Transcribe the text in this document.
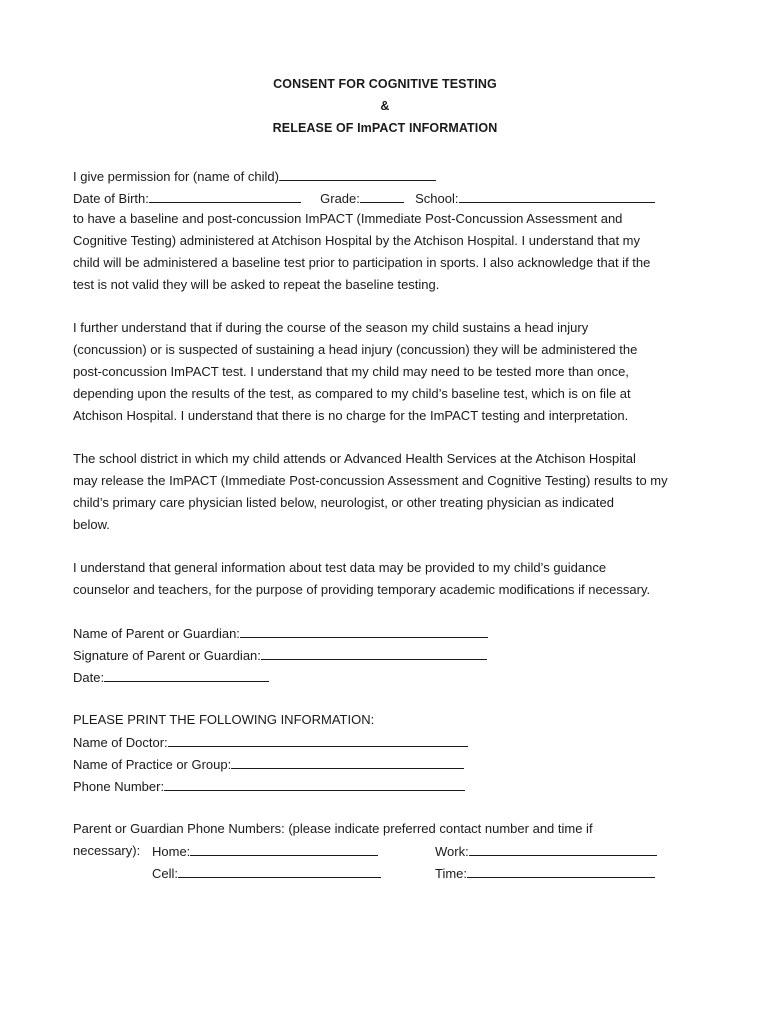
CONSENT FOR COGNITIVE TESTING
&
RELEASE OF ImPACT INFORMATION
I give permission for (name of child)
Date of Birth:	Grade:	School:
to have a baseline and post-concussion ImPACT (Immediate Post-Concussion Assessment and
Cognitive Testing) administered at Atchison Hospital by the Atchison Hospital. I understand that my
child will be administered a baseline test prior to participation in sports. I also acknowledge that if the
test is not valid they will be asked to repeat the baseline testing.
I further understand that if during the course of the season my child sustains a head injury
(concussion) or is suspected of sustaining a head injury (concussion) they will be administered the
post-concussion ImPACT test. I understand that my child may need to be tested more than once,
depending upon the results of the test, as compared to my child’s baseline test, which is on file at
Atchison Hospital. I understand that there is no charge for the ImPACT testing and interpretation.
The school district in which my child attends or Advanced Health Services at the Atchison Hospital
may release the ImPACT (Immediate Post-concussion Assessment and Cognitive Testing) results to my
child’s primary care physician listed below, neurologist, or other treating physician as indicated
below.
I understand that general information about test data may be provided to my child’s guidance
counselor and teachers, for the purpose of providing temporary academic modifications if necessary.
Name of Parent or Guardian:
Signature of Parent or Guardian:
Date:
PLEASE PRINT THE FOLLOWING INFORMATION:
Name of Doctor:
Name of Practice or Group:
Phone Number:
Parent or Guardian Phone Numbers: (please indicate preferred contact number and time if
necessary): Home:	Work:
Cell:	Time:
